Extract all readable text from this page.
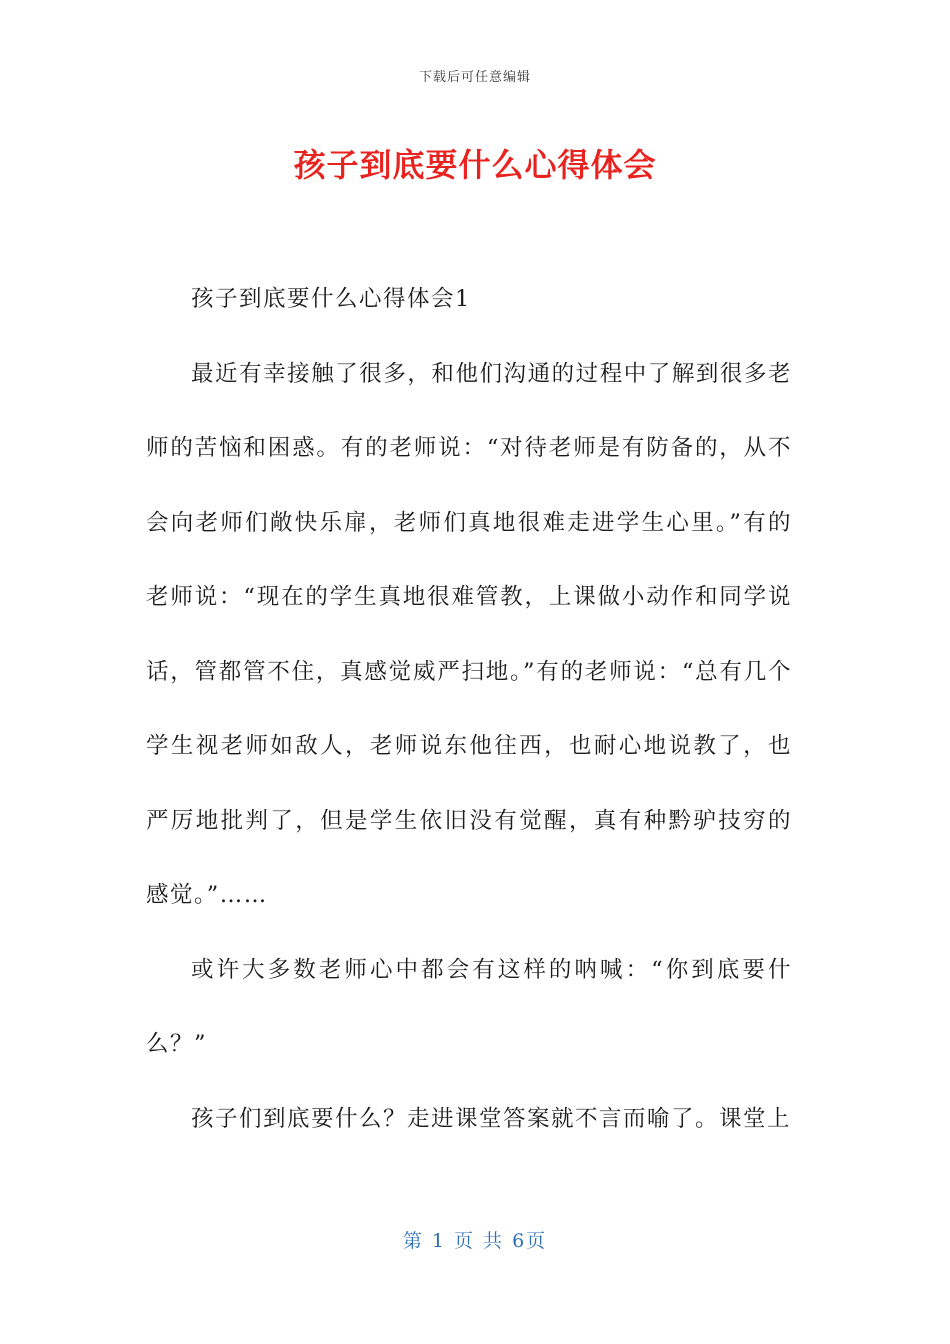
下载后可任意编辑
孩子到底要什么心得体会

孩子到底要什么心得体会1

最近有幸接触了很多，和他们沟通的过程中了解到很多老师的苦恼和困惑。有的老师说：“对待老师是有防备的，从不会向老师们敞快乐扉，老师们真地很难走进学生心里。”有的老师说：“现在的学生真地很难管教，上课做小动作和同学说话，管都管不住，真感觉威严扫地。”有的老师说：“总有几个学生视老师如敌人，老师说东他往西，也耐心地说教了，也严厉地批判了，但是学生依旧没有觉醒，真有种黔驴技穷的感觉。”……

或许大多数老师心中都会有这样的呐喊：“你到底要什么？”

孩子们到底要什么？走进课堂答案就不言而喻了。课堂上

第 1 页 共 6页
